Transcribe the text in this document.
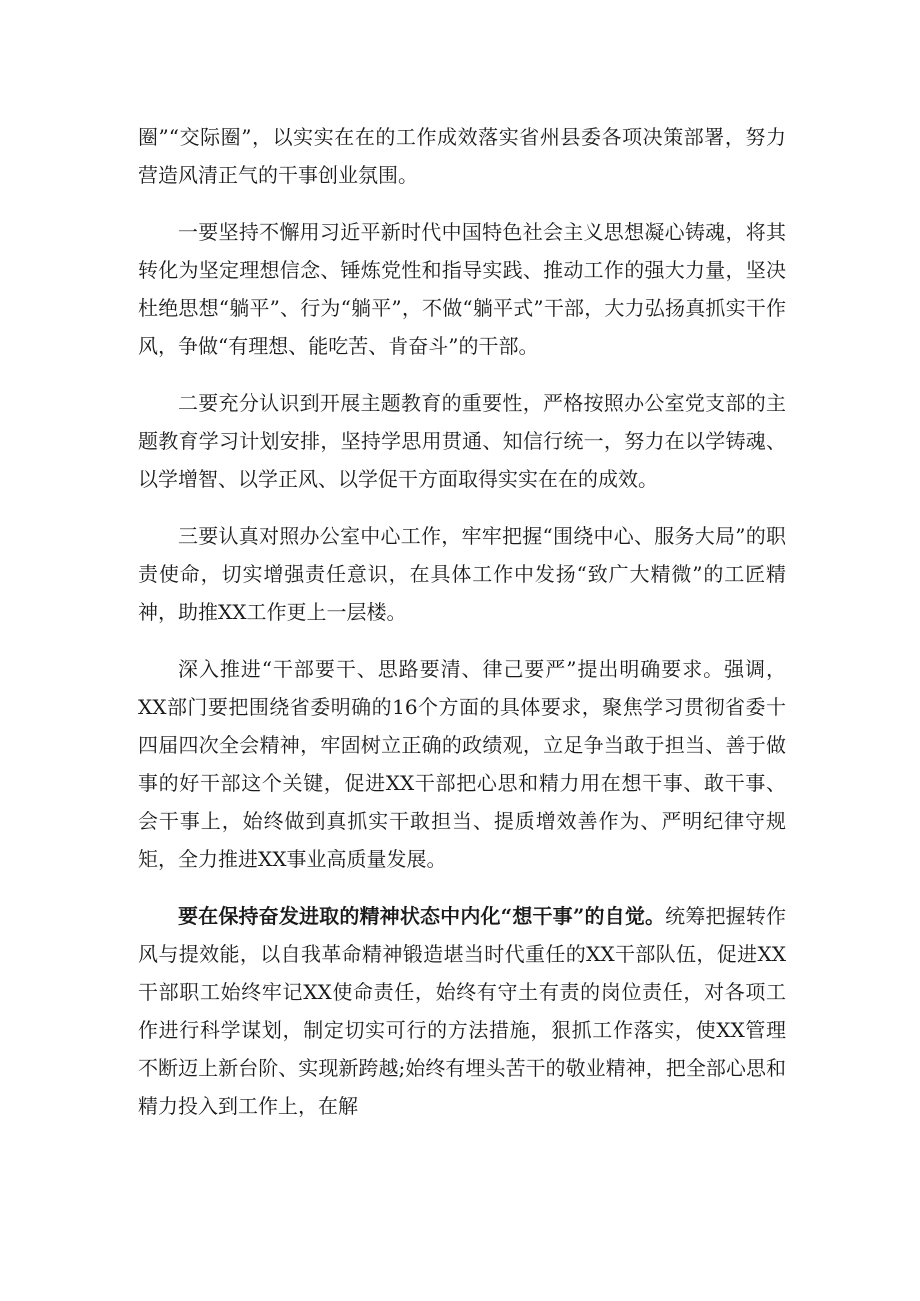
圈”“交际圈”，以实实在在的工作成效落实省州县委各项决策部署，努力营造风清正气的干事创业氛围。

一要坚持不懈用习近平新时代中国特色社会主义思想凝心铸魂，将其转化为坚定理想信念、锤炼党性和指导实践、推动工作的强大力量，坚决杜绝思想“躺平”、行为“躺平”，不做“躺平式”干部，大力弘扬真抓实干作风，争做“有理想、能吃苦、肯奋斗”的干部。

二要充分认识到开展主题教育的重要性，严格按照办公室党支部的主题教育学习计划安排，坚持学思用贯通、知信行统一，努力在以学铸魂、以学增智、以学正风、以学促干方面取得实实在在的成效。

三要认真对照办公室中心工作，牢牢把握“围绕中心、服务大局”的职责使命，切实增强责任意识，在具体工作中发扬“致广大精微”的工匠精神，助推XX工作更上一层楼。

深入推进“干部要干、思路要清、律己要严”提出明确要求。强调，XX部门要把围绕省委明确的16个方面的具体要求，聚焦学习贯彻省委十四届四次全会精神，牢固树立正确的政绩观，立足争当敢于担当、善于做事的好干部这个关键，促进XX干部把心思和精力用在想干事、敢干事、会干事上，始终做到真抓实干敢担当、提质增效善作为、严明纪律守规矩，全力推进XX事业高质量发展。

要在保持奋发进取的精神状态中内化“想干事”的自觉。统筹把握转作风与提效能，以自我革命精神锻造堪当时代重任的XX干部队伍，促进XX干部职工始终牢记XX使命责任，始终有守土有责的岗位责任，对各项工作进行科学谋划，制定切实可行的方法措施，狠抓工作落实，使XX管理不断迈上新台阶、实现新跨越;始终有埋头苦干的敬业精神，把全部心思和精力投入到工作上，在解
